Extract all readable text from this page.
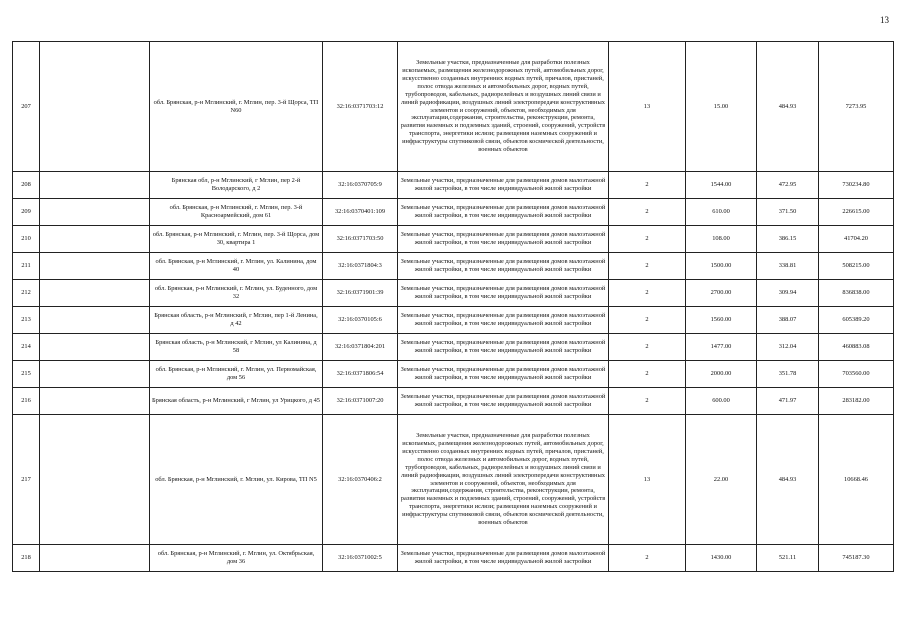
13
207		обл. Брянская, р-н Мглинский, г. Мглин, пер. 3-й Щорса, ТП N60	32:16:0371703:12	Земельные участки, предназначенные для разработки полезных ископаемых, размещения железнодорожных путей, автомобильных дорог, искусственно созданных внутренних водных путей, причалов, пристаней, полос отвода железных и автомобильных дорог, водных путей, трубопроводов, кабельных, радиорелейных и воздушных линий связи и линий радиофикации, воздушных линий электропередачи конструктивных элементов и сооружений, объектов, необходимых для эксплуатации,содержания, строительства, реконструкции, ремонта, развития наземных и подземных зданий, строений, сооружений, устройств транспорта, энергетики ислязи; размещения наземных сооружений и инфраструктуры спутниковой связи, объектов космической деятельности, военных объектов	13	15.00	484.93	7273.95
208		Брянская обл, р-н Мглинский, г Мглин, пер 2-й Володарского, д 2	32:16:0370705:9	Земельные участки, предназначенные для размещения домов малоэтажной жилой застройки, в том числе индивидуальной жилой застройки	2	1544.00	472.95	730234.80
209		обл. Брянская, р-н Мглинский, г. Мглин, пер. 3-й Красноармейский, дом 61	32:16:0370401:109	Земельные участки, предназначенные для размещения домов малоэтажной жилой застройки, в том числе индивидуальной жилой застройки	2	610.00	371.50	226615.00
210		обл. Брянская, р-н Мглинский, г. Мглин, пер. 3-й Щорса, дом 30, квартира 1	32:16:0371703:50	Земельные участки, предназначенные для размещения домов малоэтажной жилой застройки, в том числе индивидуальной жилой застройки	2	108.00	386.15	41704.20
211		обл. Брянская, р-н Мглинский, г. Мглин, ул. Калинина, дом 40	32:16:0371804:3	Земельные участки, предназначенные для размещения домов малоэтажной жилой застройки, в том числе индивидуальной жилой застройки	2	1500.00	338.81	508215.00
212		обл. Брянская, р-н Мглинский, г. Мглин, ул. Буденного, дом 32	32:16:0371901:39	Земельные участки, предназначенные для размещения домов малоэтажной жилой застройки, в том числе индивидуальной жилой застройки	2	2700.00	309.94	836838.00
213		Брянская область, р-н Мглинский, г Мглин, пер 1-й Ленина, д 42	32:16:0370105:6	Земельные участки, предназначенные для размещения домов малоэтажной жилой застройки, в том числе индивидуальной жилой застройки	2	1560.00	388.07	605389.20
214		Брянская область, р-н Мглинский, г Мглин, ул Калинина, д 58	32:16:0371804:201	Земельные участки, предназначенные для размещения домов малоэтажной жилой застройки, в том числе индивидуальной жилой застройки	2	1477.00	312.04	460883.08
215		обл. Брянская, р-н Мглинский, г. Мглин, ул. Первомайская, дом 56	32:16:0371806:54	Земельные участки, предназначенные для размещения домов малоэтажной жилой застройки, в том числе индивидуальной жилой застройки	2	2000.00	351.78	703560.00
216		Брянская область, р-н Мглинский, г Мглин, ул Урицкого, д 45	32:16:0371007:20	Земельные участки, предназначенные для размещения домов малоэтажной жилой застройки, в том числе индивидуальной жилой застройки	2	600.00	471.97	283182.00
217		обл. Брянская, р-н Мглинский, г. Мглин, ул. Кирова, ТП N5	32:16:0370406:2	Земельные участки, предназначенные для разработки полезных ископаемых, размещения железнодорожных путей, автомобильных дорог, искусственно созданных внутренних водных путей, причалов, пристаней, полос отвода железных и автомобильных дорог, водных путей, трубопроводов, кабельных, радиорелейных и воздушных линий связи и линий радиофикации, воздушных линий электропередачи конструктивных элементов и сооружений, объектов, необходимых для эксплуатации,содержания, строительства, реконструкции, ремонта, развития наземных и подземных зданий, строений, сооружений, устройств транспорта, энергетики ислязи; размещения наземных сооружений и инфраструктуры спутниковой связи, объектов космической деятельности, военных объектов	13	22.00	484.93	10668.46
218		обл. Брянская, р-н Мглинский, г. Мглин, ул. Октябрьская, дом 36	32:16:0371002:5	Земельные участки, предназначенные для размещения домов малоэтажной жилой застройки, в том числе индивидуальной жилой застройки	2	1430.00	521.11	745187.30
